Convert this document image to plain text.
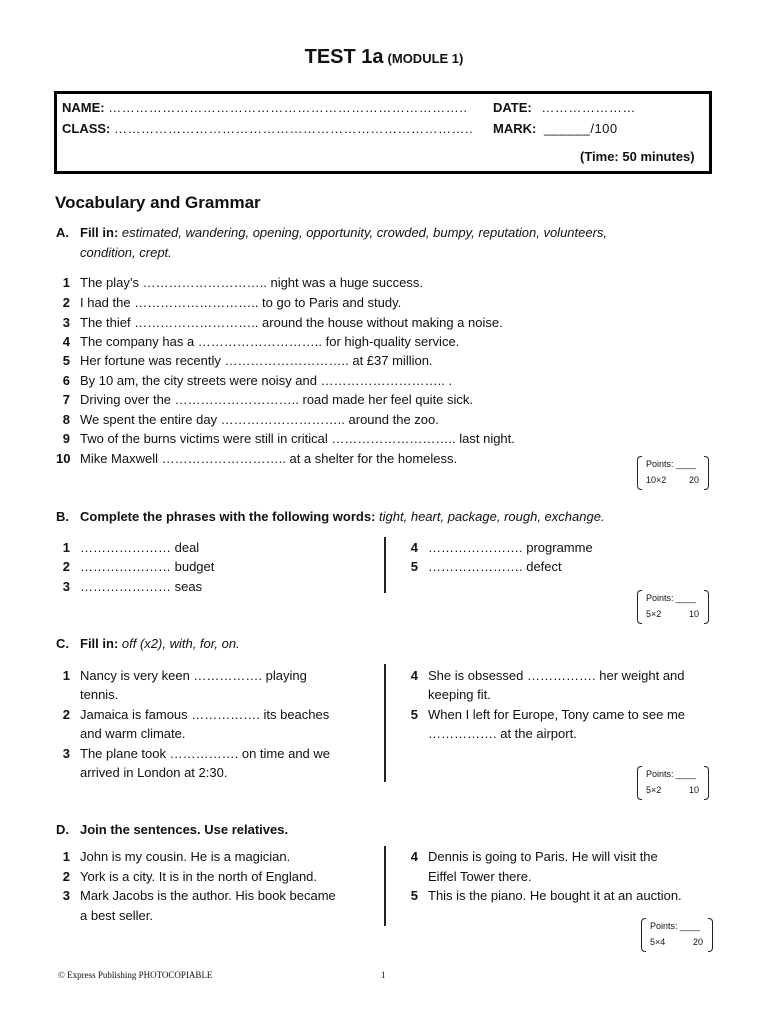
TEST 1a (MODULE 1)
NAME: …………………………………………………………………….. DATE: …………………
CLASS: …………………………………………………………………….. MARK: ______/100
(Time: 50 minutes)
Vocabulary and Grammar
A. Fill in: estimated, wandering, opening, opportunity, crowded, bumpy, reputation, volunteers,
condition, crept.
1 The play’s ……………………….. night was a huge success.
2 I had the ……………………….. to go to Paris and study.
3 The thief ……………………….. around the house without making a noise.
4 The company has a ……………………….. for high-quality service.
5 Her fortune was recently ……………………….. at £37 million.
6 By 10 am, the city streets were noisy and ……………………….. .
7 Driving over the ……………………….. road made her feel quite sick.
8 We spent the entire day ……………………….. around the zoo.
9 Two of the burns victims were still in critical ……………………….. last night.
10 Mike Maxwell ……………………….. at a shelter for the homeless.	Points: ____
10×2	20
B. Complete the phrases with the following words: tight, heart, package, rough, exchange.
1 ………………… deal
2 ………………… budget
3 ………………… seas
4 …………………. programme
5 …………………. defect
Points: ____
5×2	10
C. Fill in: off (x2), with, for, on.
1 Nancy is very keen ……………. playing
tennis.
2 Jamaica is famous ……………. its beaches
and warm climate.
3 The plane took ……………. on time and we
arrived in London at 2:30.
4 She is obsessed ……………. her weight and
keeping fit.
5 When I left for Europe, Tony came to see me
……………. at the airport.
Points: ____
5×2	10
D. Join the sentences. Use relatives.
1 John is my cousin. He is a magician.
2 York is a city. It is in the north of England.
3 Mark Jacobs is the author. His book became
a best seller.
4 Dennis is going to Paris. He will visit the
Eiffel Tower there.
5 This is the piano. He bought it at an auction.
Points: ____
5×4	20
© Express Publishing PHOTOCOPIABLE	1
